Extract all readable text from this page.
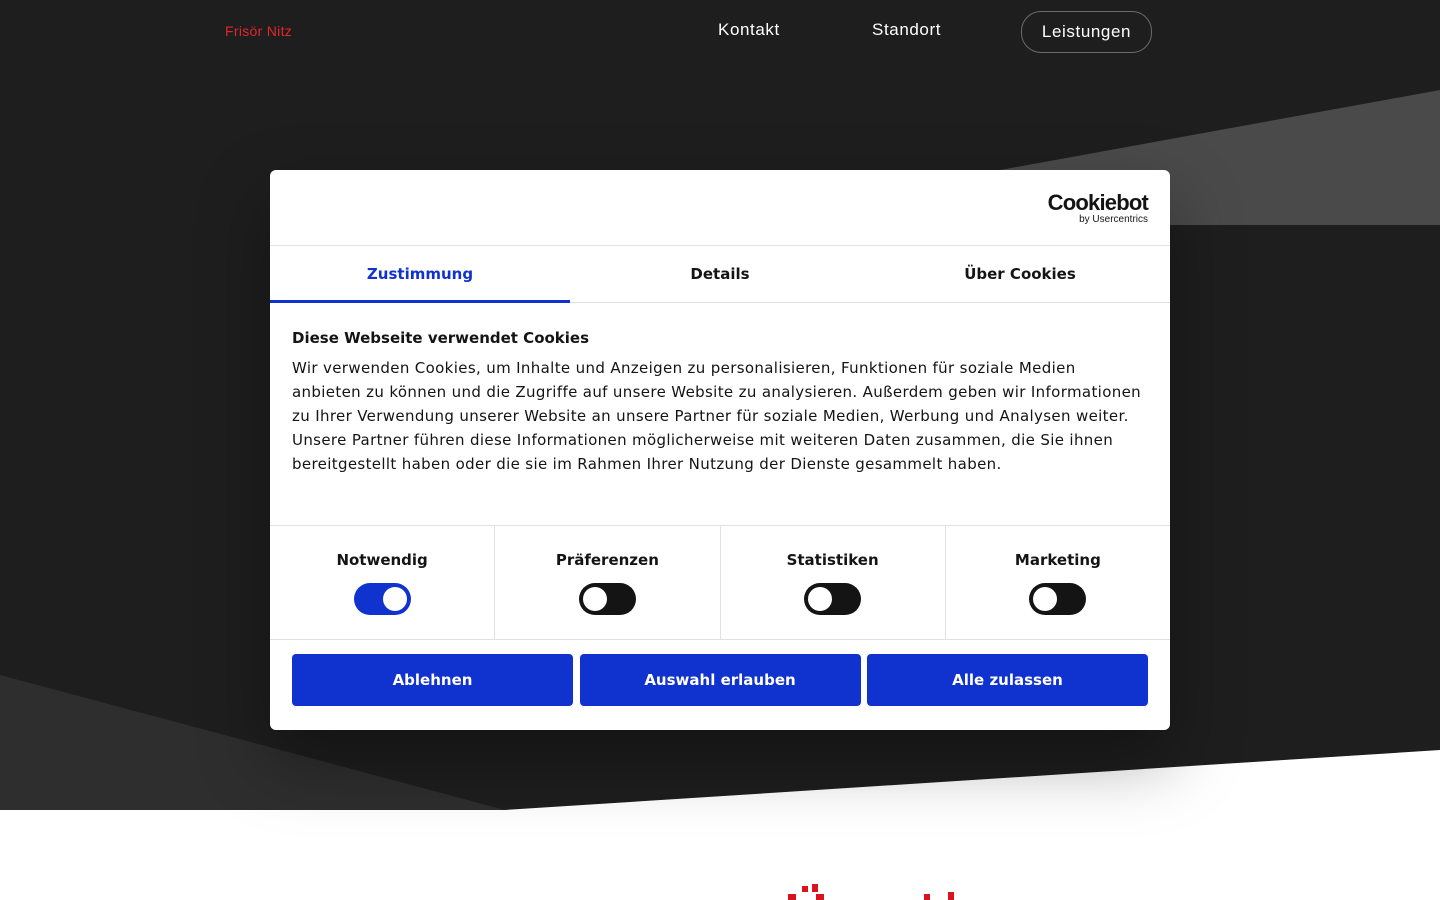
Frisör Nitz	Kontakt	Standort	Leistungen
Cookiebot
by Usercentrics
Zustimmung	Details	Über Cookies
Diese Webseite verwendet Cookies

Wir verwenden Cookies, um Inhalte und Anzeigen zu personalisieren, Funktionen für soziale Medien anbieten zu können und die Zugriffe auf unsere Website zu analysieren. Außerdem geben wir Informationen zu Ihrer Verwendung unserer Website an unsere Partner für soziale Medien, Werbung und Analysen weiter. Unsere Partner führen diese Informationen möglicherweise mit weiteren Daten zusammen, die Sie ihnen bereitgestellt haben oder die sie im Rahmen Ihrer Nutzung der Dienste gesammelt haben.

Notwendig	Präferenzen	Statistiken	Marketing
Ablehnen	Auswahl erlauben	Alle zulassen
